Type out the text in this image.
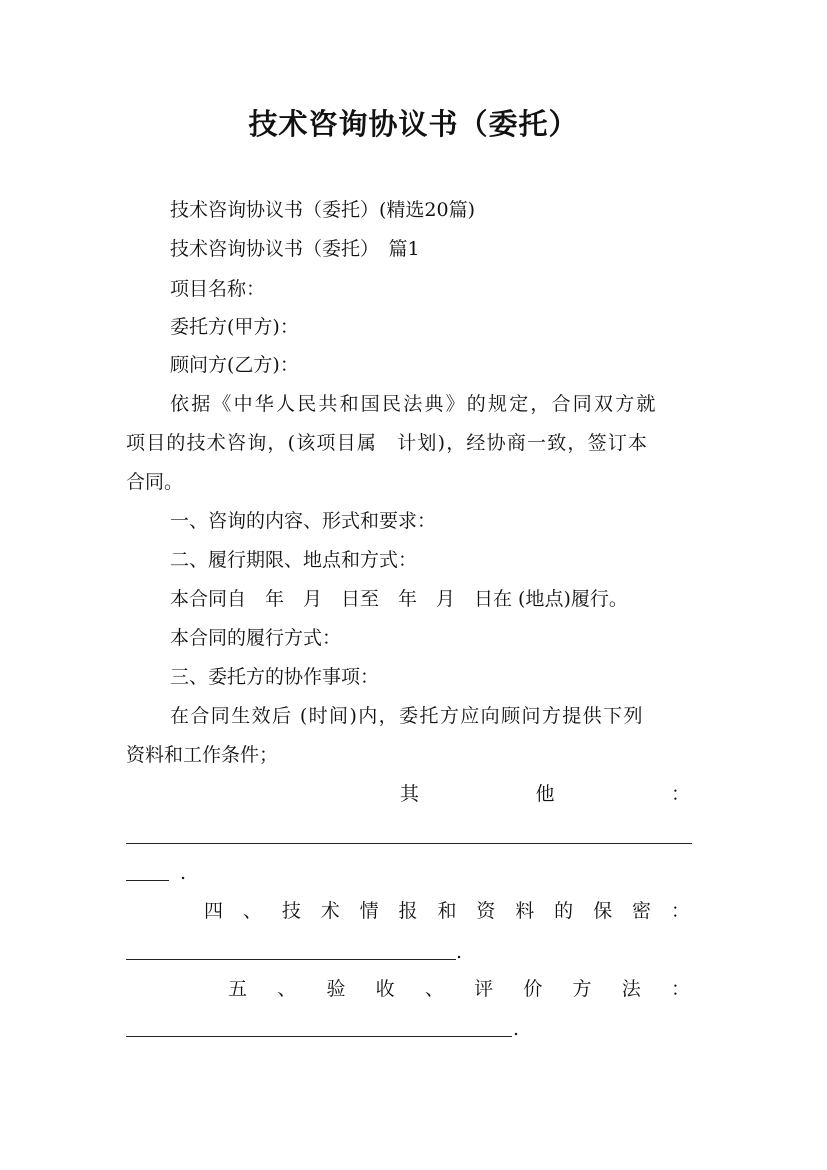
技术咨询协议书（委托）

技术咨询协议书（委托）(精选20篇)

技术咨询协议书（委托）　篇1

项目名称：

委托方(甲方)：

顾问方(乙方)：

依据《中华人民共和国民法典》的规定，合同双方就

项目的技术咨询，(该项目属　计划)，经协商一致，签订本

合同。

一、咨询的内容、形式和要求：

二、履行期限、地点和方式：

本合同自　年　月　日至　年　月　日在 (地点)履行。

本合同的履行方式：

三、委托方的协作事项：

在合同生效后 (时间)内，委托方应向顾问方提供下列

资料和工作条件；

其	他	：
.
四 、 技 术 情 报 和 资 料 的 保 密 ：
.
五 、 验 收 、 评 价 方 法 ：
.
